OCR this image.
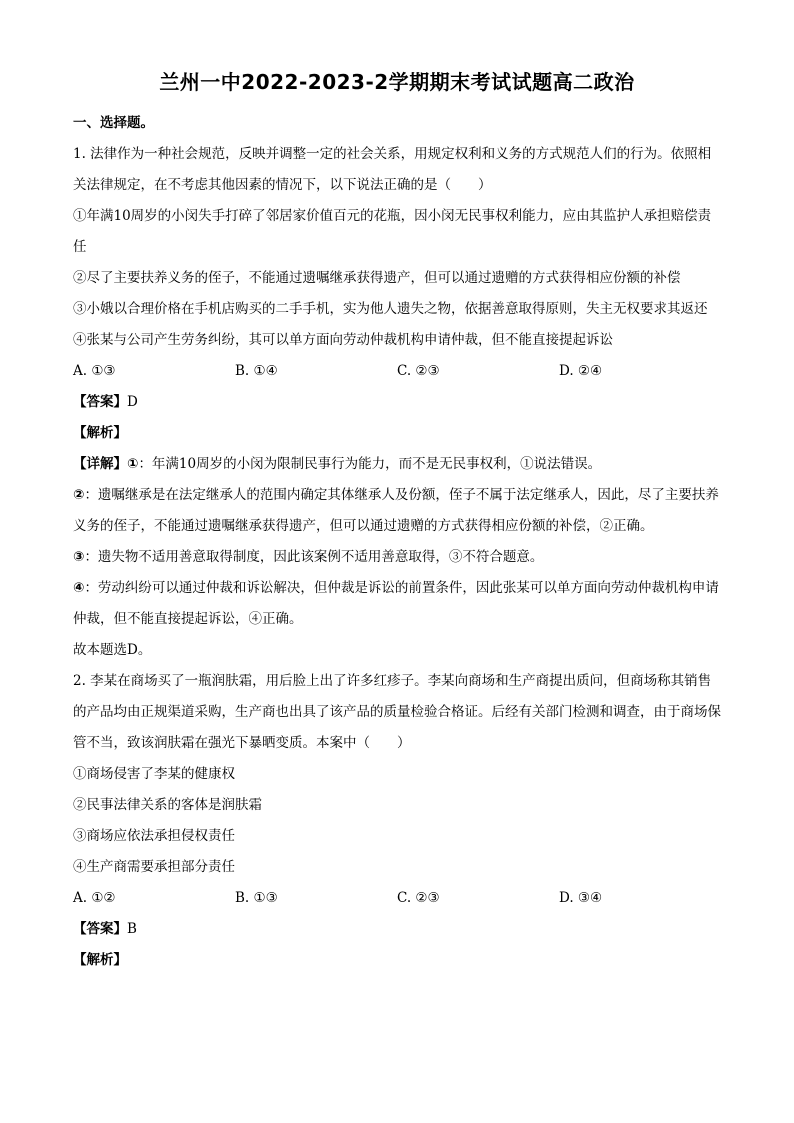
兰州一中2022-2023-2学期期末考试试题高二政治
一、选择题。
1. 法律作为一种社会规范，反映并调整一定的社会关系，用规定权利和义务的方式规范人们的行为。依照相关法律规定，在不考虑其他因素的情况下，以下说法正确的是（　　）
①年满10周岁的小闵失手打碎了邻居家价值百元的花瓶，因小闵无民事权利能力，应由其监护人承担赔偿责任
②尽了主要扶养义务的侄子，不能通过遗嘱继承获得遗产，但可以通过遗赠的方式获得相应份额的补偿
③小娥以合理价格在手机店购买的二手手机，实为他人遗失之物，依据善意取得原则，失主无权要求其返还
④张某与公司产生劳务纠纷，其可以单方面向劳动仲裁机构申请仲裁，但不能直接提起诉讼
A. ①③	B. ①④	C. ②③	D. ②④
【答案】D
【解析】
【详解】①：年满10周岁的小闵为限制民事行为能力，而不是无民事权利，①说法错误。
②：遗嘱继承是在法定继承人的范围内确定其体继承人及份额，侄子不属于法定继承人，因此，尽了主要扶养义务的侄子，不能通过遗嘱继承获得遗产，但可以通过遗赠的方式获得相应份额的补偿，②正确。
③：遗失物不适用善意取得制度，因此该案例不适用善意取得，③不符合题意。
④：劳动纠纷可以通过仲裁和诉讼解决，但仲裁是诉讼的前置条件，因此张某可以单方面向劳动仲裁机构申请仲裁，但不能直接提起诉讼，④正确。
故本题选D。
2. 李某在商场买了一瓶润肤霜，用后脸上出了许多红疹子。李某向商场和生产商提出质问，但商场称其销售的产品均由正规渠道采购，生产商也出具了该产品的质量检验合格证。后经有关部门检测和调查，由于商场保管不当，致该润肤霜在强光下暴晒变质。本案中（　　）
①商场侵害了李某的健康权
②民事法律关系的客体是润肤霜
③商场应依法承担侵权责任
④生产商需要承担部分责任
A. ①②	B. ①③	C. ②③	D. ③④
【答案】B
【解析】
